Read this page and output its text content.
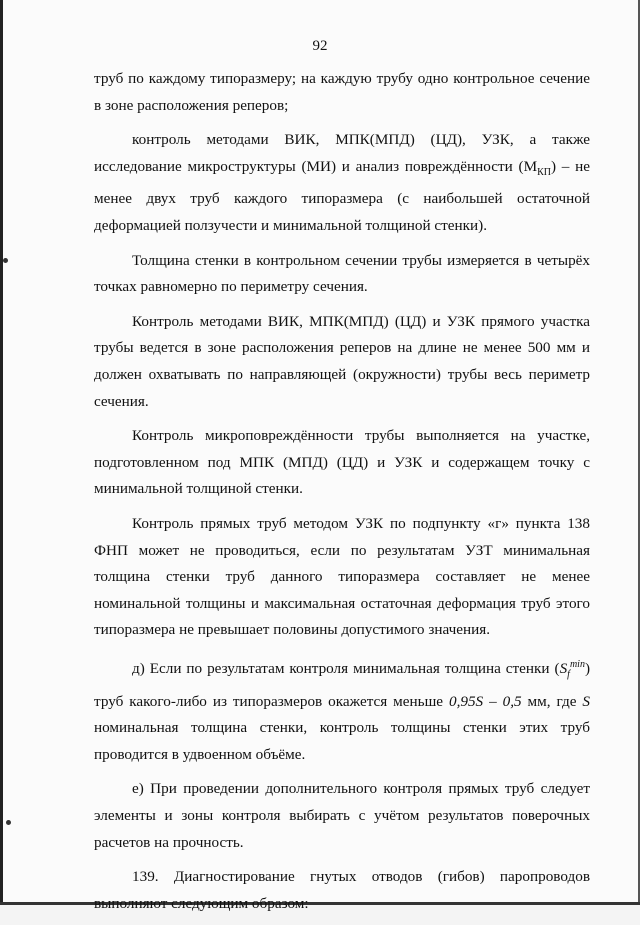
92

труб по каждому типоразмеру; на каждую трубу одно контрольное сечение в зоне расположения реперов;

контроль методами ВИК, МПК(МПД) (ЦД), УЗК, а также исследование микроструктуры (МИ) и анализ повреждённости $(М_{КП})$ – не менее двух труб каждого типоразмера (с наибольшей остаточной деформацией ползучести и минимальной толщиной стенки).

Толщина стенки в контрольном сечении трубы измеряется в четырёх точках равномерно по периметру сечения.

Контроль методами ВИК, МПК(МПД) (ЦД) и УЗК прямого участка трубы ведется в зоне расположения реперов на длине не менее 500 мм и должен охватывать по направляющей (окружности) трубы весь периметр сечения.

Контроль микроповреждённости трубы выполняется на участке, подготовленном под МПК (МПД) (ЦД) и УЗК и содержащем точку с минимальной толщиной стенки.

Контроль прямых труб методом УЗК по подпункту «г» пункта 138 ФНП может не проводиться, если по результатам УЗТ минимальная толщина стенки труб данного типоразмера составляет не менее номинальной толщины и максимальная остаточная деформация труб этого типоразмера не превышает половины допустимого значения.

д) Если по результатам контроля минимальная толщина стенки $(S_f^{min})$ труб какого-либо из типоразмеров окажется меньше 0,95S – 0,5 мм, где S номинальная толщина стенки, контроль толщины стенки этих труб проводится в удвоенном объёме.

е) При проведении дополнительного контроля прямых труб следует элементы и зоны контроля выбирать с учётом результатов поверочных расчетов на прочность.

139. Диагностирование гнутых отводов (гибов) паропроводов выполняют следующим образом:
